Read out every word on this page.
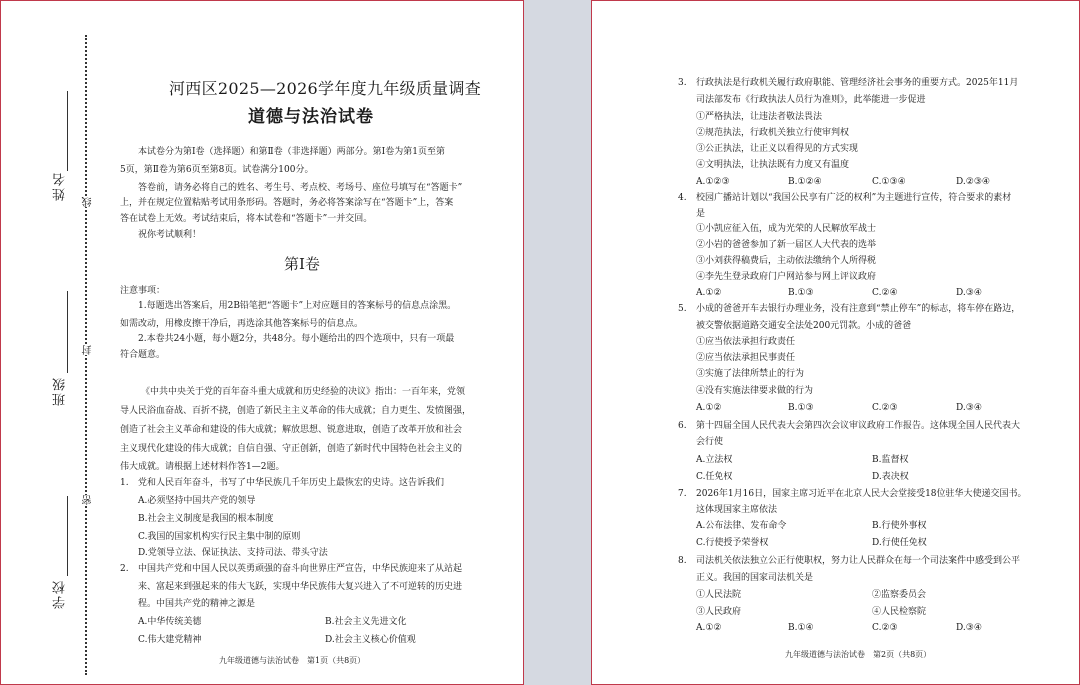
姓名
班级
学校
线
封
密
河西区2025—2026学年度九年级质量调查
道德与法治试卷
本试卷分为第Ⅰ卷（选择题）和第Ⅱ卷（非选择题）两部分。第Ⅰ卷为第1页至第
5页，第Ⅱ卷为第6页至第8页。试卷满分100分。
答卷前，请务必将自己的姓名、考生号、考点校、考场号、座位号填写在“答题卡”
上，并在规定位置粘贴考试用条形码。答题时，务必将答案涂写在“答题卡”上，答案
答在试卷上无效。考试结束后，将本试卷和“答题卡”一并交回。
祝你考试顺利！
第Ⅰ卷
注意事项：
1.每题选出答案后，用2B铅笔把“答题卡”上对应题目的答案标号的信息点涂黑。
如需改动，用橡皮擦干净后，再选涂其他答案标号的信息点。
2.本卷共24小题，每小题2分，共48分。每小题给出的四个选项中，只有一项最
符合题意。
《中共中央关于党的百年奋斗重大成就和历史经验的决议》指出：一百年来，党领
导人民浴血奋战、百折不挠，创造了新民主主义革命的伟大成就；自力更生、发愤图强，
创造了社会主义革命和建设的伟大成就；解放思想、锐意进取，创造了改革开放和社会
主义现代化建设的伟大成就；自信自强、守正创新，创造了新时代中国特色社会主义的
伟大成就。请根据上述材料作答1—2题。
1. 党和人民百年奋斗，书写了中华民族几千年历史上最恢宏的史诗。这告诉我们
A.必须坚持中国共产党的领导
B.社会主义制度是我国的根本制度
C.我国的国家机构实行民主集中制的原则
D.党领导立法、保证执法、支持司法、带头守法
2. 中国共产党和中国人民以英勇顽强的奋斗向世界庄严宣告，中华民族迎来了从站起
来、富起来到强起来的伟大飞跃，实现中华民族伟大复兴进入了不可逆转的历史进
程。中国共产党的精神之源是
A.中华传统美德	B.社会主义先进文化
C.伟大建党精神	D.社会主义核心价值观
九年级道德与法治试卷　第1页（共8页）
3. 行政执法是行政机关履行政府职能、管理经济社会事务的重要方式。2025年11月
司法部发布《行政执法人员行为准则》，此举能进一步促进
①严格执法，让违法者敬法畏法
②规范执法，行政机关独立行使审判权
③公正执法，让正义以看得见的方式实现
④文明执法，让执法既有力度又有温度
A.①②③	B.①②④	C.①③④	D.②③④
4. 校园广播站计划以“我国公民享有广泛的权利”为主题进行宣传，符合要求的素材
是
①小凯应征入伍，成为光荣的人民解放军战士
②小岩的爸爸参加了新一届区人大代表的选举
③小刘获得稿费后，主动依法缴纳个人所得税
④李先生登录政府门户网站参与网上评议政府
A.①②	B.①③	C.②④	D.③④
5. 小成的爸爸开车去银行办理业务，没有注意到“禁止停车”的标志，将车停在路边，
被交警依据道路交通安全法处200元罚款。小成的爸爸
①应当依法承担行政责任
②应当依法承担民事责任
③实施了法律所禁止的行为
④没有实施法律要求做的行为
A.①②	B.①③	C.②③	D.③④
6. 第十四届全国人民代表大会第四次会议审议政府工作报告。这体现全国人民代表大
会行使
A.立法权	B.监督权
C.任免权	D.表决权
7. 2026年1月16日，国家主席习近平在北京人民大会堂接受18位驻华大使递交国书。
这体现国家主席依法
A.公布法律、发布命令	B.行使外事权
C.行使授予荣誉权	D.行使任免权
8. 司法机关依法独立公正行使职权，努力让人民群众在每一个司法案件中感受到公平
正义。我国的国家司法机关是
①人民法院	②监察委员会
③人民政府	④人民检察院
A.①②	B.①④	C.②③	D.③④
九年级道德与法治试卷　第2页（共8页）
